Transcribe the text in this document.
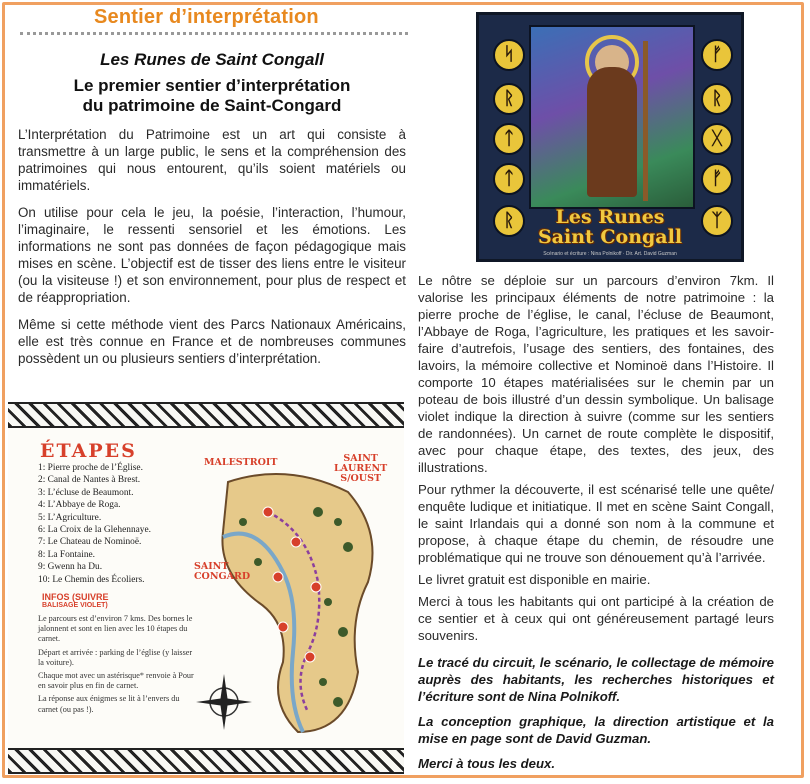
Sentier d’interprétation
Les Runes de Saint Congall
Le premier sentier d’interprétation
du patrimoine de Saint-Congard

L’Interprétation du Patrimoine est un art qui consiste à transmettre à un large public, le sens et la compréhension des patrimoines qui nous entourent, qu’ils soient matériels ou immatériels.

On utilise pour cela le jeu, la poésie, l’interaction, l’humour, l’imaginaire, le ressenti sensoriel et les émotions. Les informations ne sont pas données de façon pédagogique mais mises en scène. L’objectif est de tisser des liens entre le visiteur (ou la visiteuse !) et son environnement, pour plus de respect et de réappropriation.

Même si cette méthode vient des Parcs Nationaux Américains, elle est très connue en France et de nombreuses communes possèdent un ou plusieurs sentiers d’interprétation.

ᛋ
ᚱ
ᛏ
ᛏ
ᚱ
ᚠ
ᚱ
ᚷ
ᚠ
ᛉ
Les Runes
Saint Congall
Scénario et écriture : Nina Polnikoff · Dir. Art. David Guzman

Le nôtre se déploie sur un parcours d’environ 7km. Il valorise les principaux éléments de notre patrimoine : la pierre proche de l’église, le canal, l’écluse de Beaumont, l’Abbaye de Roga, l’agriculture, les pratiques et les savoir-faire d’autrefois, l’usage des sentiers, des fontaines, des lavoirs, la mémoire collective et Nominoë dans l’Histoire. Il comporte 10 étapes matérialisées sur le chemin par un poteau de bois illustré d’un dessin symbolique. Un balisage violet indique la direction à suivre (comme sur les sentiers de randonnées). Un carnet de route complète le dispositif, avec pour chaque étape, des textes, des jeux, des illustrations.

Pour rythmer la découverte, il est scénarisé telle une quête/ enquête ludique et initiatique. Il met en scène Saint Congall, le saint Irlandais qui a donné son nom à la commune et propose, à chaque étape du chemin, de résoudre une problématique qui ne trouve son dénouement qu’à l’arrivée.

Le livret gratuit est disponible en mairie.

Merci à tous les habitants qui ont participé à la création de ce sentier et à ceux qui ont généreusement partagé leurs souvenirs.

Le tracé du circuit, le scénario, le collectage de mémoire auprès des habitants, les recherches historiques et l’écriture sont de Nina Polnikoff.
La conception graphique, la direction artistique et la mise en page sont de David Guzman.
Merci à tous les deux.
ÉTAPES
1: Pierre proche de l’Église.
2: Canal de Nantes à Brest.
3: L’écluse de Beaumont.
4: L’Abbaye de Roga.
5: L’Agriculture.
6: La Croix de la Glehennaye.
7: Le Chateau de Nominoë.
8: La Fontaine.
9: Gwenn ha Du.
10: Le Chemin des Écoliers.
INFOS (SUIVRE
BALISAGE VIOLET)

Le parcours est d’environ 7 kms. Des bornes le jalonnent et sont en lien avec les 10 étapes du carnet.

Départ et arrivée : parking de l’église (y laisser la voiture).

Chaque mot avec un astérisque* renvoie à Pour en savoir plus en fin de carnet.

La réponse aux énigmes se lit à l’envers du carnet (ou pas !).

MALESTROIT	SAINT
LAURENT
S/OUST
SAINT
CONGARD
